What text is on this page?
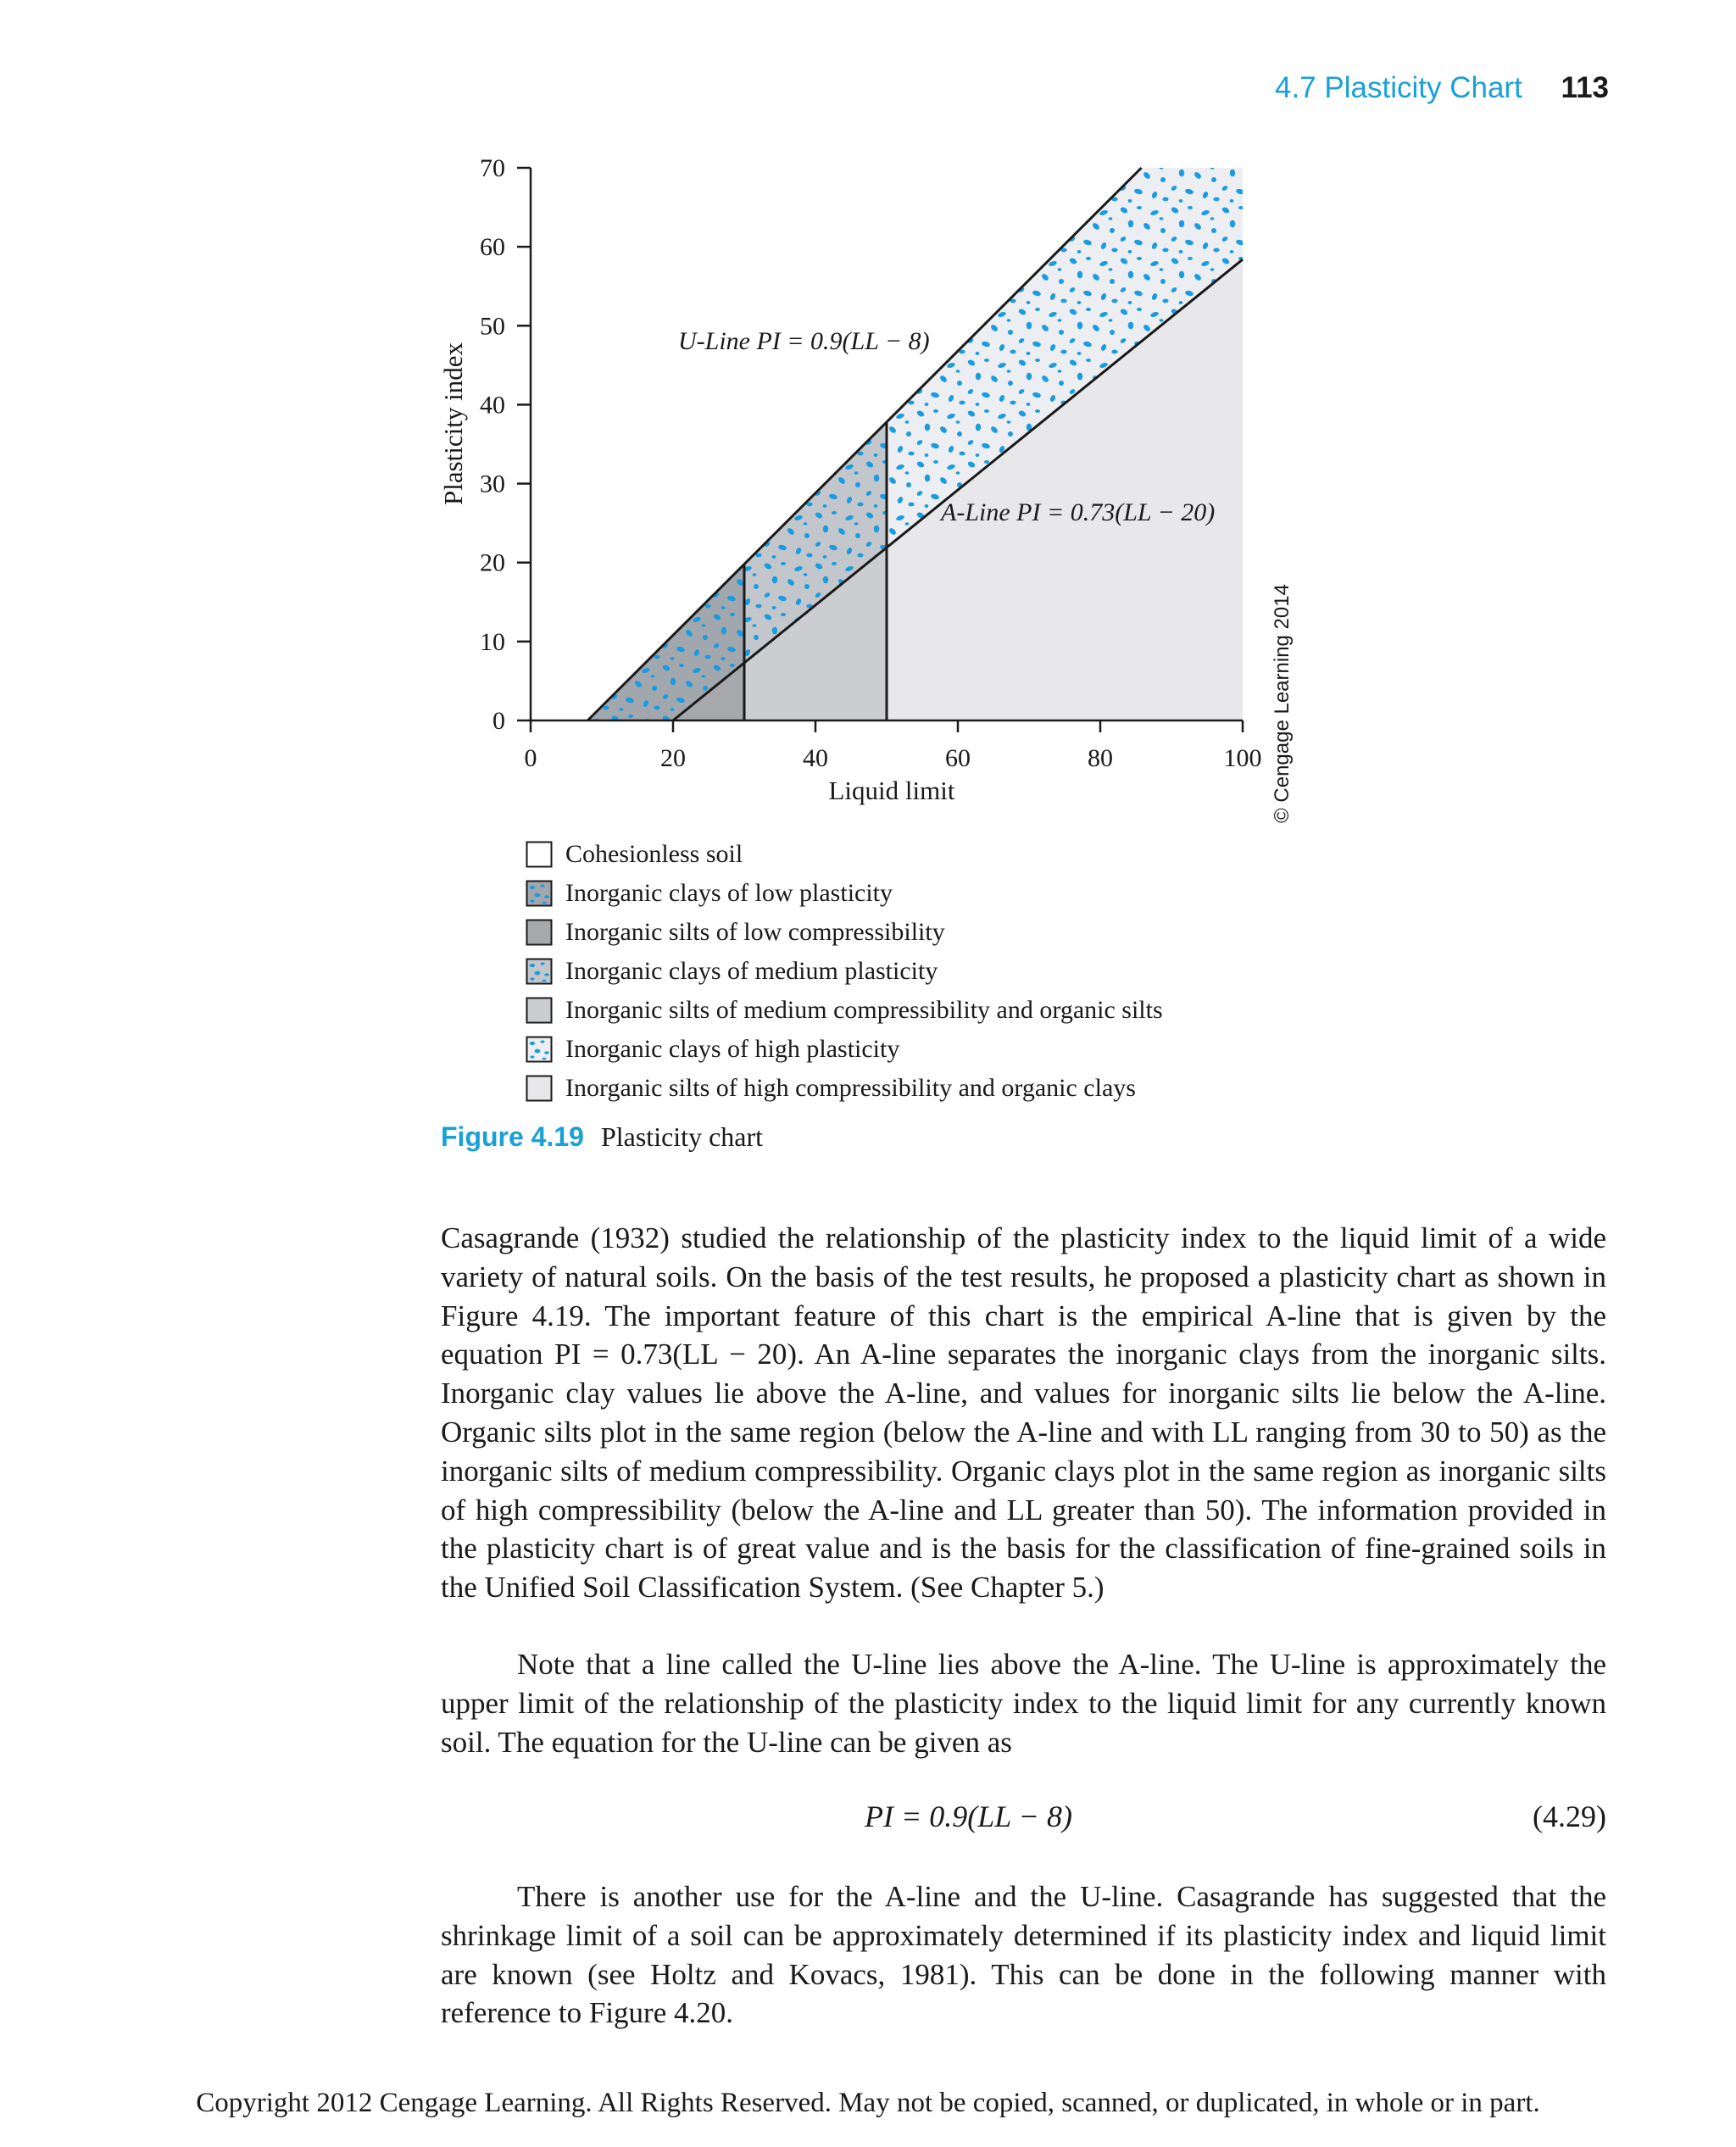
4.7 Plasticity Chart 113
0	20	40	60	80	100
0
10
20
30
40
50
60
70
U-Line PI = 0.9(LL − 8)
A-Line PI = 0.73(LL − 20)
Liquid limit
Plasticity index
© Cengage Learning 2014
Cohesionless soil
Inorganic clays of low plasticity
Inorganic silts of low compressibility
Inorganic clays of medium plasticity
Inorganic silts of medium compressibility and organic silts
Inorganic clays of high plasticity
Inorganic silts of high compressibility and organic clays
Figure 4.19 Plasticity chart

Casagrande (1932) studied the relationship of the plasticity index to the liquid limit of a wide variety of natural soils. On the basis of the test results, he proposed a plasticity chart as shown in Figure 4.19. The important feature of this chart is the empirical A-line that is given by the equation PI = 0.73(LL − 20). An A-line separates the inorganic clays from the inorganic silts. Inorganic clay values lie above the A-line, and values for inorganic silts lie below the A-line. Organic silts plot in the same region (below the A-line and with LL ranging from 30 to 50) as the inorganic silts of medium compressibility. Organic clays plot in the same region as inorganic silts of high compressibility (below the A-line and LL greater than 50). The information provided in the plasticity chart is of great value and is the basis for the classification of fine-grained soils in the Unified Soil Classification System. (See Chapter 5.)

Note that a line called the U-line lies above the A-line. The U-line is approximately the upper limit of the relationship of the plasticity index to the liquid limit for any currently known soil. The equation for the U-line can be given as

PI = 0.9(LL − 8)	(4.29)

There is another use for the A-line and the U-line. Casagrande has suggested that the shrinkage limit of a soil can be approximately determined if its plasticity index and liquid limit are known (see Holtz and Kovacs, 1981). This can be done in the following manner with reference to Figure 4.20.

Copyright 2012 Cengage Learning. All Rights Reserved. May not be copied, scanned, or duplicated, in whole or in part.
